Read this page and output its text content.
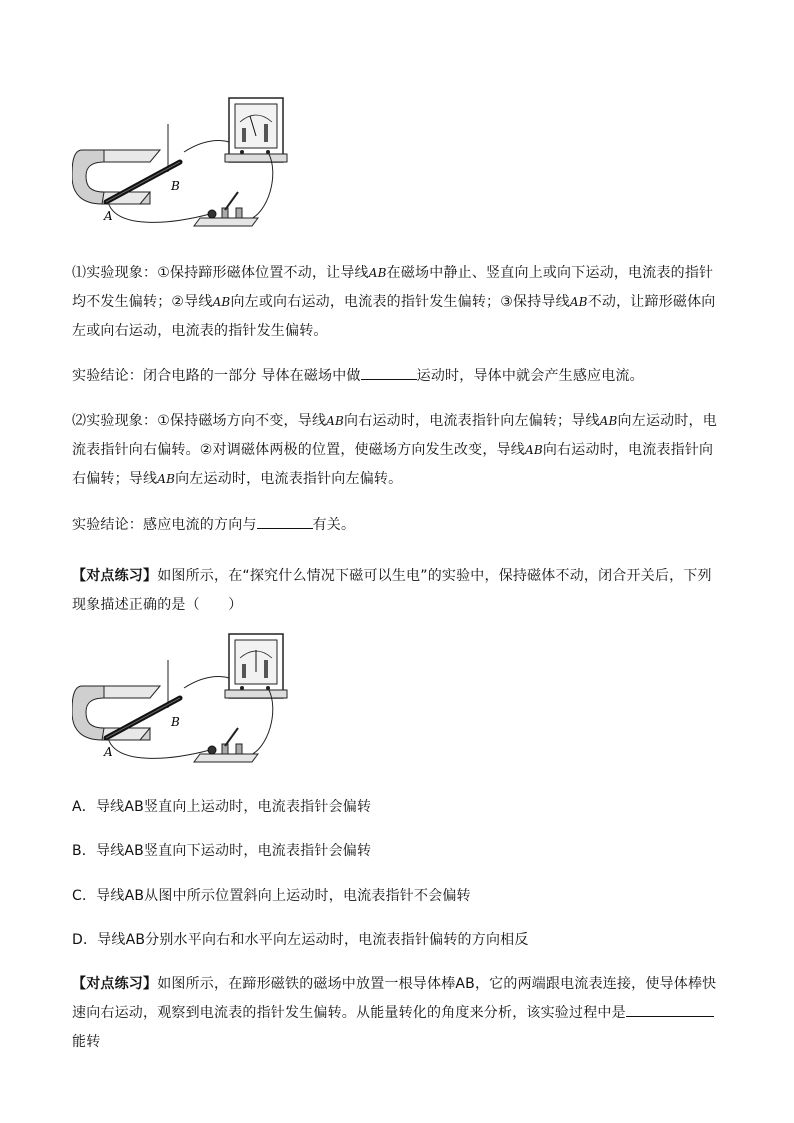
B
A

⑴实验现象：①保持蹄形磁体位置不动，让导线AB在磁场中静止、竖直向上或向下运动，电流表的指针均不发生偏转；②导线AB向左或向右运动，电流表的指针发生偏转；③保持导线AB不动，让蹄形磁体向左或向右运动，电流表的指针发生偏转。

实验结论：闭合电路的一部分 导体在磁场中做	运动时，导体中就会产生感应电流。

⑵实验现象：①保持磁场方向不变，导线AB向右运动时，电流表指针向左偏转；导线AB向左运动时，电流表指针向右偏转。②对调磁体两极的位置，使磁场方向发生改变，导线AB向右运动时，电流表指针向右偏转；导线AB向左运动时，电流表指针向左偏转。

实验结论：感应电流的方向与	有关。

【对点练习】如图所示，在“探究什么情况下磁可以生电”的实验中，保持磁体不动，闭合开关后，下列现象描述正确的是（　　）

B
A

A．导线AB竖直向上运动时，电流表指针会偏转

B．导线AB竖直向下运动时，电流表指针会偏转

C．导线AB从图中所示位置斜向上运动时，电流表指针不会偏转

D．导线AB分别水平向右和水平向左运动时，电流表指针偏转的方向相反

【对点练习】如图所示，在蹄形磁铁的磁场中放置一根导体棒AB，它的两端跟电流表连接，使导体棒快速向右运动，观察到电流表的指针发生偏转。从能量转化的角度来分析，该实验过程中是能转
